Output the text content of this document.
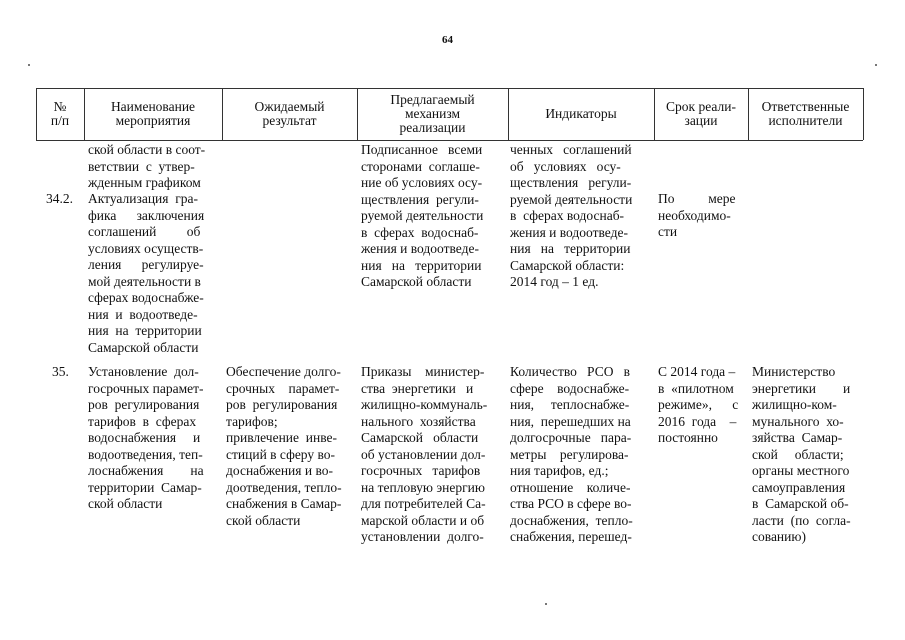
64
№
п/п
Наименование
мероприятия
Ожидаемый
результат
Предлагаемый
механизм
реализации
Индикаторы	Срок реали-
зации
Ответственные
исполнители
ской области в соот-
ветствии  с  утвер-
жденным графиком
Подписанное   всеми
сторонами  соглаше-
ченных   соглашений
об   условиях   осу-
34.2. Актуализация  гра-
фика      заключения
соглашений         об
условиях осуществ-
ления      регулируе-
мой деятельности в
сферах водоснабже-
ния  и  водоотведе-
ния  на  территории
Самарской области
ние об условиях осу-
ществления  регули-
руемой деятельности
в  сферах  водоснаб-
жения и водоотведе-
ния   на   территории
Самарской области
ществления   регули-
руемой деятельности
в  сферах водоснаб-
жения и водоотведе-
ния   на   территории
Самарской области:
2014 год – 1 ед.
По          мере
необходимо-
сти
35. Установление  дол-
госрочных парамет-
ров  регулирования
тарифов  в  сферах
водоснабжения     и
водоотведения, теп-
лоснабжения        на
территории  Самар-
ской области
Обеспечение долго-
срочных    парамет-
ров  регулирования
тарифов;
привлечение  инве-
стиций в сферу во-
доснабжения и во-
доотведения, тепло-
снабжения в Самар-
ской области
Приказы    министер-
ства  энергетики   и
жилищно-коммуналь-
нального  хозяйства
Самарской   области
об установлении дол-
госрочных   тарифов
на тепловую энергию
для потребителей Са-
марской области и об
установлении  долго-
Количество   РСО   в
сфере    водоснабже-
ния,     теплоснабже-
ния,  перешедших на
долгосрочные   пара-
метры    регулирова-
ния тарифов, ед.;
отношение    количе-
ства РСО в сфере во-
доснабжения,  тепло-
снабжения, перешед-
С 2014 года –
в  «пилотном
режиме»,      с
2016  года    –
постоянно
Министерство
энергетики        и
жилищно-ком-
мунального  хо-
зяйства  Самар-
ской     области;
органы местного
самоуправления
в  Самарской об-
ласти  (по  согла-
сованию)
